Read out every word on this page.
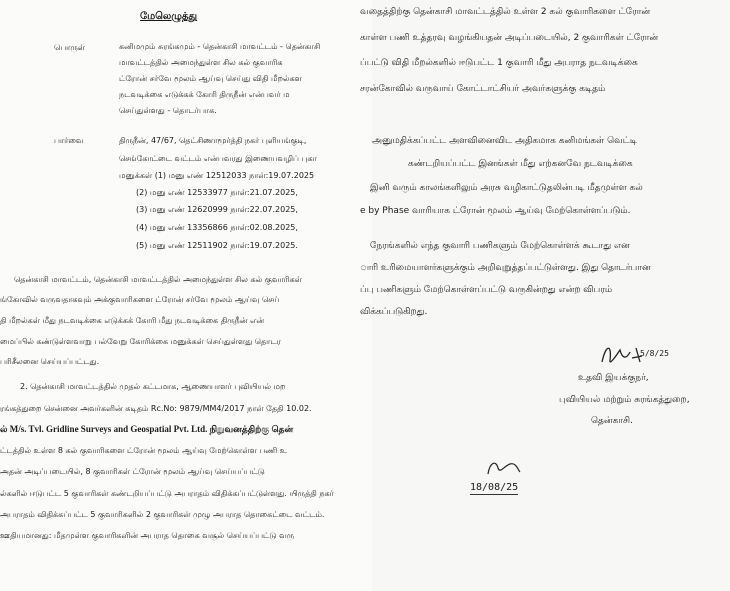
மேலெழுத்து
பொருள்	கனிமமும் சுரங்கமும் - தென்காசி மாவட்டம் - தென்காசி
மாவட்டத்தில் அமைந்துள்ள சில கல் குவாரிக
ட்ரோன் சர்வே மூலம் ஆய்வு செய்து விதி மீறல்கள
நடவடிக்கை எடுக்கக் கோரி திருநீன் என்பவர் ம
செய்துள்ளது - தொடர்பாக.
பார்வை	திருநீன், 47/67, தெட்சிணாமூர்த்தி நகர் புளியங்குடி,
செங்கோட்டை வட்டம் என்பவரது இணையவழிப் புகா
மனுக்கள் (1) மனு எண் 12512033 நாள்:19.07.2025
(2) மனு எண் 12533977 நாள்:21.07.2025,
(3) மனு எண் 12620999 நாள்:22.07.2025,
(4) மனு எண் 13356866 நாள்:02.08.2025,
(5) மனு எண் 12511902 நாள்:19.07.2025.
தென்காசி மாவட்டம், தென்காசி மாவட்டத்தில் அமைந்துள்ள சில கல் குவாரிகள்
ங்கோவில் வருவதாகவும் அக்குவாரிகளை ட்ரோன் சர்வே மூலம் ஆய்வு செய்
தி மீறல்கள் மீது நடவடிக்கை எடுக்கக் கோரி மீது நடவடிக்கை திருநீன் என்
மைப்பில் கண்டுள்ளவாறு பல்வேறு கோரிக்கை மனுக்கள் செய்துள்ளது தொடர
பரிசீலனை செய்யப்பட்டது.
2. தென்காசி மாவட்டத்தில் முதல் கட்டமாக, ஆணையாளர் புவியியல் மற
ரங்கத்துறை சென்னை அவர்களின் கடிதம் Rc.No: 9879/MM4/2017 நாள் தேதி 10.02.
ல் M/s. Tvl. Gridline Surveys and Geospatial Pvt. Ltd. நிறுவனத்திற்கு தென்
ட்டத்தில் உள்ள 8 கல் குவாரிகளை ட்ரோன் மூலம் ஆய்வு மேற்கொள்ள பணி உ
அதன் அடிப்படையில், 8 குவாரிகள் ட்ரோன் மூலம் ஆய்வு செய்யப்பட்டு
ல்களில் ஈடுபட்ட 5 குவாரிகள் கண்டறியப்பட்டு அபராதம் விதிக்கப்பட்டுள்ளது. யிருத்தி நகர்
அபராதம் விதிக்கப்பட்ட 5 குவாரிகளில் 2 குவாரிகள் முழு அபராத தொகைட்டை வட்டம்.
ஊதியமானது: மீதமுள்ள குவாரிகளின் அபராத தொகை வசூல் செய்யப்பட்டு வரு
வதைத்திற்கு தென்காசி மாவட்டத்தில் உள்ள 2 கல் குவாரிகளை ட்ரோன்
காள்ள பணி உத்தரவு வழங்கியதன் அடிப்படையில், 2 குவாரிகள் ட்ரோன்
ப்பட்டு விதி மீறல்களில் ஈடுபட்ட 1 குவாரி மீது அபராத நடவடிக்கை
சரன்கோவில் வருவாய் கோட்டாட்சியர் அவர்களுக்கு கடிதம்
அனுமதிக்கப்பட்ட அளவினைவிட அதிகமாக கனிமங்கள் வெட்டி
கண்டறியப்பட்ட இனங்கள் மீது எற்கனவே நடவடிக்கை
இனி வரும் காலங்களிலும் அரசு வழிகாட்டுதலின்படி மீதமுள்ள கல்
e by Phase வாரியாக ட்ரோன் மூலம் ஆய்வு மேற்கொள்ளப்படும்.
நேரங்களில் எந்த குவாரி பணிகளும் மேற்கொள்ளக் கூடாது என
ாரி உரிமையாளர்களுக்கும் அறிவுறுத்தப்பட்டுள்ளது. இது தொடர்பான
ப்பு பணிகளும் மேற்கொள்ளப்பட்டு வருகின்றது என்ற விபரம்
விக்கப்படுகிறது.
5/8/25
உதவி இயக்குநர்,
புவியியல் மற்றும் சுரங்கத்துறை,
தென்காசி.
18/08/25
